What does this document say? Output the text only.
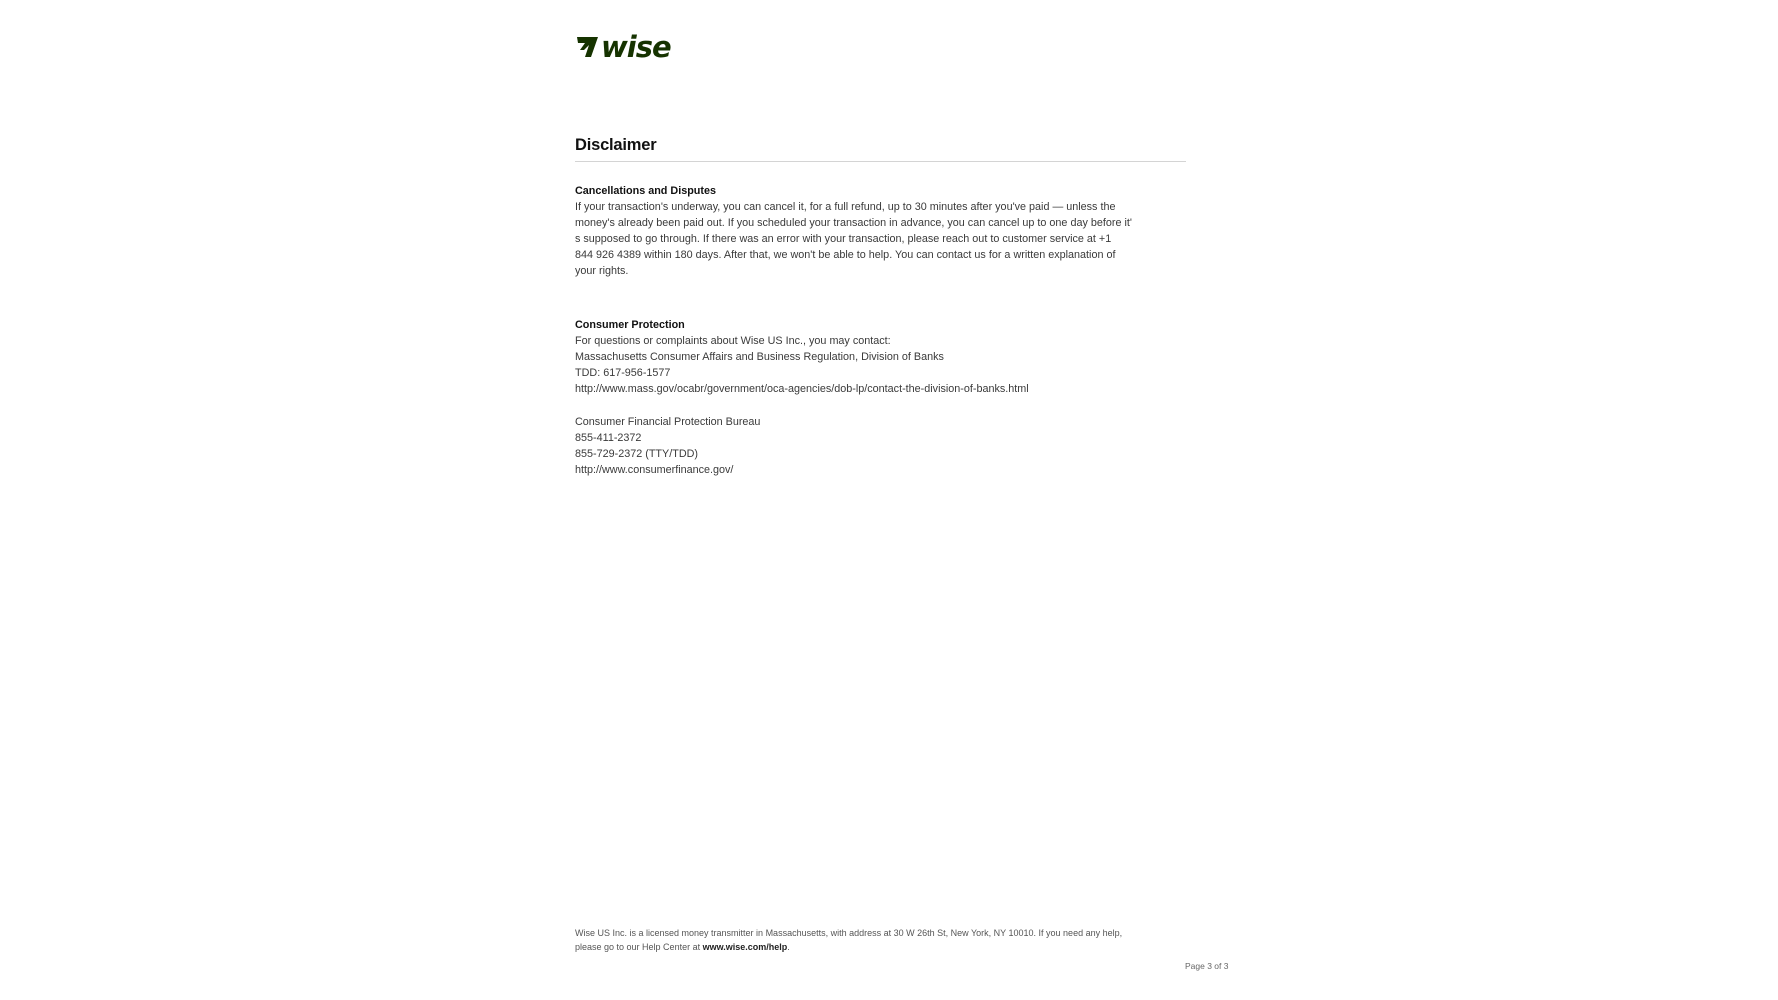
wise
Disclaimer
Cancellations and Disputes
If your transaction's underway, you can cancel it, for a full refund, up to 30 minutes after you've paid — unless the
money's already been paid out. If you scheduled your transaction in advance, you can cancel up to one day before it'
s supposed to go through. If there was an error with your transaction, please reach out to customer service at +1
844 926 4389 within 180 days. After that, we won't be able to help. You can contact us for a written explanation of
your rights.
Consumer Protection
For questions or complaints about Wise US Inc., you may contact:
Massachusetts Consumer Affairs and Business Regulation, Division of Banks
TDD: 617-956-1577
http://www.mass.gov/ocabr/government/oca-agencies/dob-lp/contact-the-division-of-banks.html
Consumer Financial Protection Bureau
855-411-2372
855-729-2372 (TTY/TDD)
http://www.consumerfinance.gov/
Wise US Inc. is a licensed money transmitter in Massachusetts, with address at 30 W 26th St, New York, NY 10010. If you need any help,
please go to our Help Center at www.wise.com/help.
Page 3 of 3
